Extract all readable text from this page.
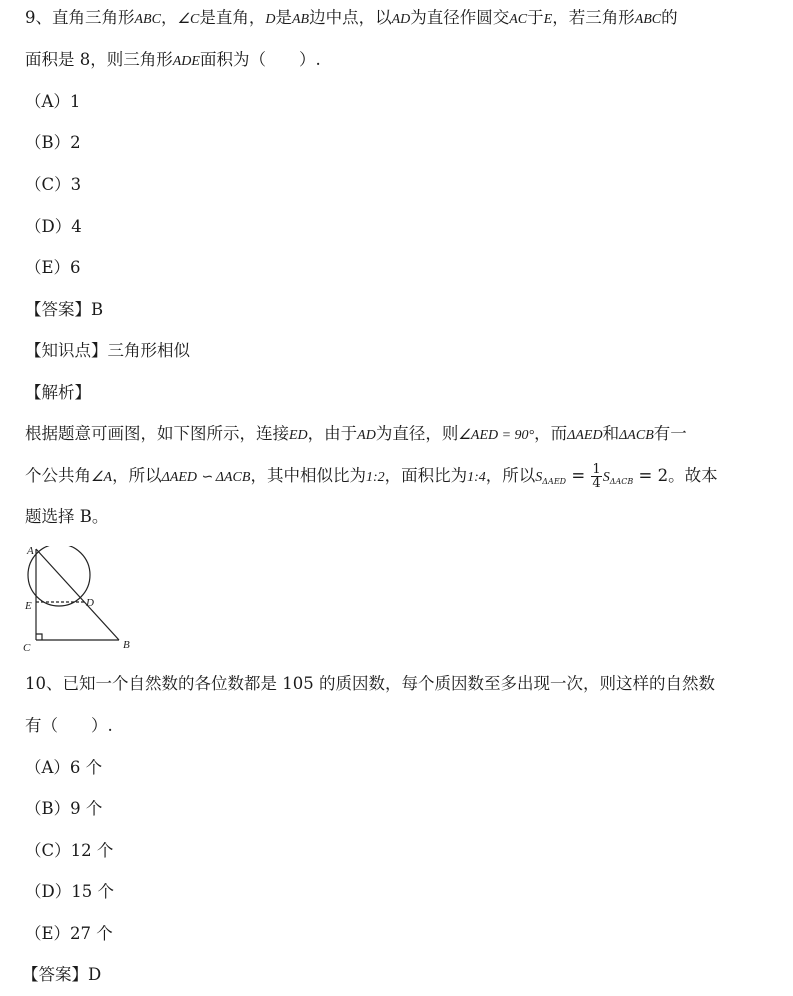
9、直角三角形ABC，∠C是直角，D是AB边中点，以AD为直径作圆交AC于E，若三角形ABC的
面积是 8，则三角形ADE面积为（　　）.
（A）1
（B）2
（C）3
（D）4
（E）6
【答案】B
【知识点】三角形相似
【解析】
根据题意可画图，如下图所示，连接ED，由于AD为直径，则∠AED = 90°，而ΔAED和ΔACB有一
个公共角∠A，所以ΔAED ∽ ΔACB，其中相似比为1:2，面积比为1:4，所以$S_{\Delta AED} = \frac{1}{4} S_{\Delta ACB} = 2$。故本
题选择 B。
A
E	D
C	B
10、已知一个自然数的各位数都是 105 的质因数，每个质因数至多出现一次，则这样的自然数
有（　　）.
（A）6 个
（B）9 个
（C）12 个
（D）15 个
（E）27 个
【答案】D
